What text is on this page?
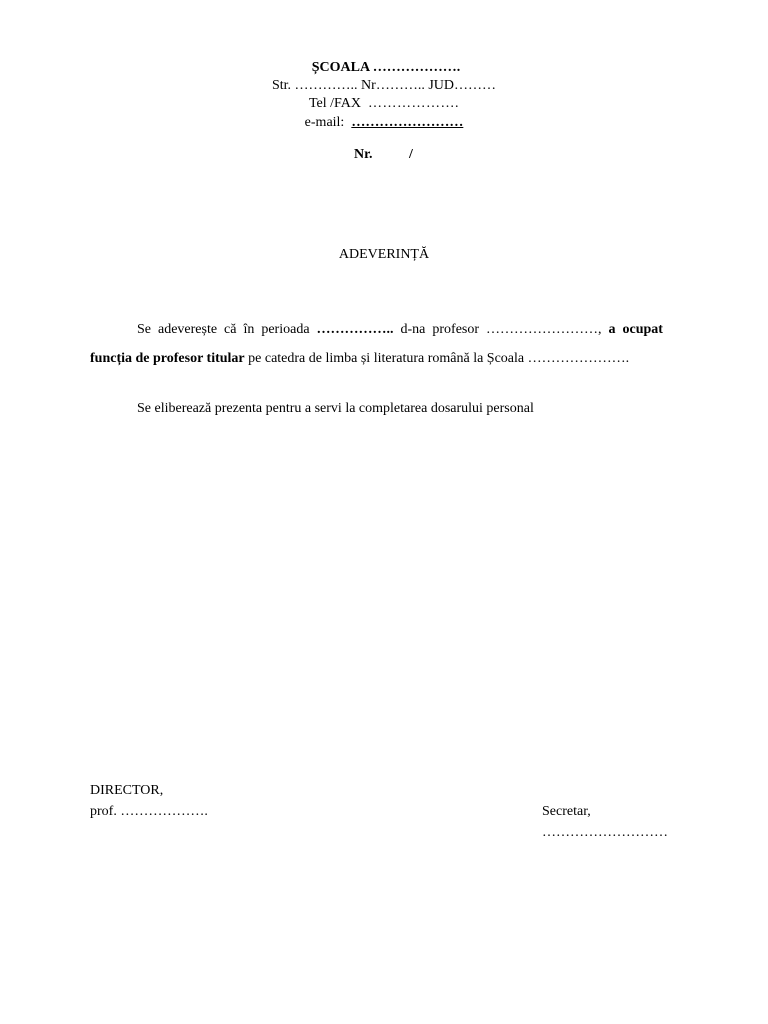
ȘCOALA ……………….
Str. ………….. Nr……….. JUD………
Tel /FAX ……………….
e-mail: ……………………
Nr.	/
ADEVERINȚĂ
Se adeverește că în perioada …………….. d-na profesor ……………………, a ocupat
funcția de profesor titular pe catedra de limba și literatura română la Școala ………………….
Se eliberează prezenta pentru a servi la completarea dosarului personal
DIRECTOR,
prof. ……………….	Secretar,
………………………
